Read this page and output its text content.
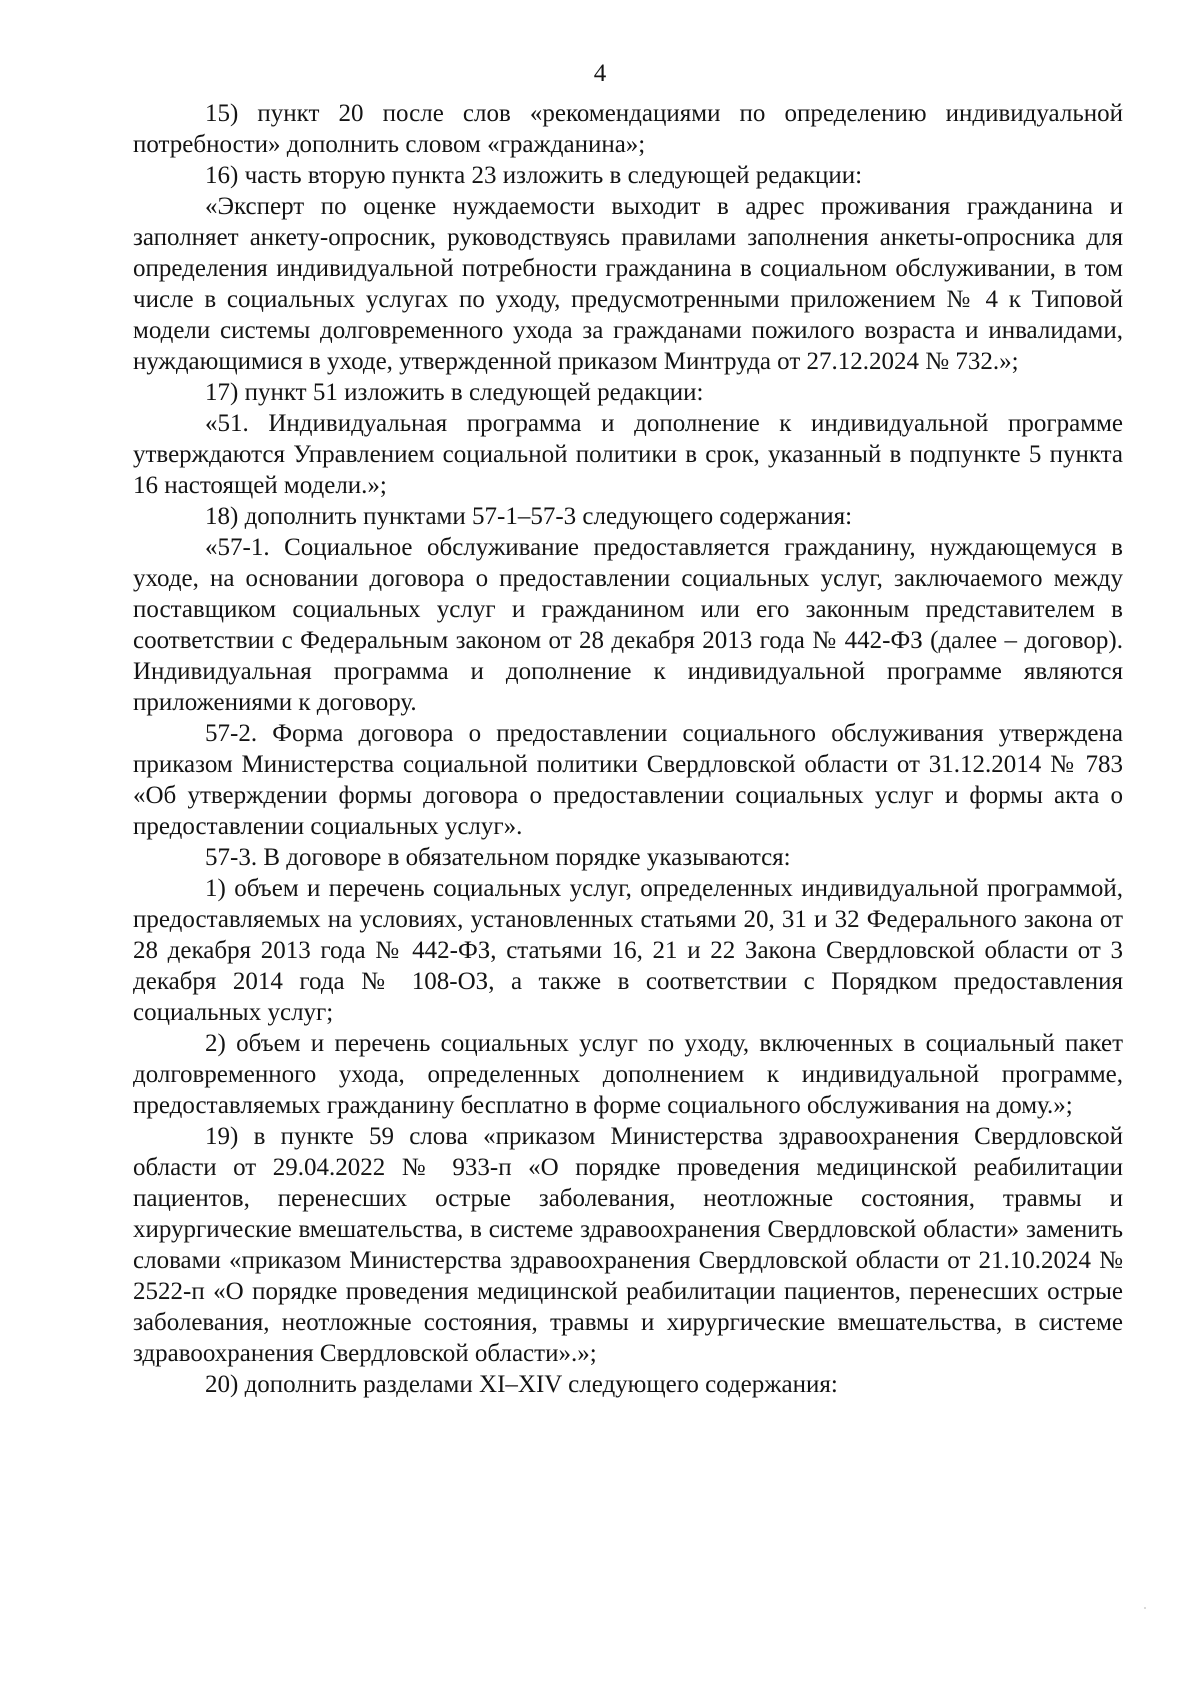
4

15) пункт 20 после слов «рекомендациями по определению индивидуальной потребности» дополнить словом «гражданина»;

16) часть вторую пункта 23 изложить в следующей редакции:

«Эксперт по оценке нуждаемости выходит в адрес проживания гражданина и заполняет анкету-опросник, руководствуясь правилами заполнения анкеты-опросника для определения индивидуальной потребности гражданина в социальном обслуживании, в том числе в социальных услугах по уходу, предусмотренными приложением № 4 к Типовой модели системы долговременного ухода за гражданами пожилого возраста и инвалидами, нуждающимися в уходе, утвержденной приказом Минтруда от 27.12.2024 № 732.»;

17) пункт 51 изложить в следующей редакции:

«51. Индивидуальная программа и дополнение к индивидуальной программе утверждаются Управлением социальной политики в срок, указанный в подпункте 5 пункта 16 настоящей модели.»;

18) дополнить пунктами 57-1–57-3 следующего содержания:

«57-1. Социальное обслуживание предоставляется гражданину, нуждающемуся в уходе, на основании договора о предоставлении социальных услуг, заключаемого между поставщиком социальных услуг и гражданином или его законным представителем в соответствии с Федеральным законом от 28 декабря 2013 года № 442-ФЗ (далее – договор). Индивидуальная программа и дополнение к индивидуальной программе являются приложениями к договору.

57-2. Форма договора о предоставлении социального обслуживания утверждена приказом Министерства социальной политики Свердловской области от 31.12.2014 № 783 «Об утверждении формы договора о предоставлении социальных услуг и формы акта о предоставлении социальных услуг».

57-3. В договоре в обязательном порядке указываются:

1) объем и перечень социальных услуг, определенных индивидуальной программой, предоставляемых на условиях, установленных статьями 20, 31 и 32 Федерального закона от 28 декабря 2013 года № 442-ФЗ, статьями 16, 21 и 22 Закона Свердловской области от 3 декабря 2014 года № 108-ОЗ, а также в соответствии с Порядком предоставления социальных услуг;

2) объем и перечень социальных услуг по уходу, включенных в социальный пакет долговременного ухода, определенных дополнением к индивидуальной программе, предоставляемых гражданину бесплатно в форме социального обслуживания на дому.»;

19) в пункте 59 слова «приказом Министерства здравоохранения Свердловской области от 29.04.2022 № 933-п «О порядке проведения медицинской реабилитации пациентов, перенесших острые заболевания, неотложные состояния, травмы и хирургические вмешательства, в системе здравоохранения Свердловской области» заменить словами «приказом Министерства здравоохранения Свердловской области от 21.10.2024 № 2522-п «О порядке проведения медицинской реабилитации пациентов, перенесших острые заболевания, неотложные состояния, травмы и хирургические вмешательства, в системе здравоохранения Свердловской области».»;

20) дополнить разделами XI–XIV следующего содержания:
